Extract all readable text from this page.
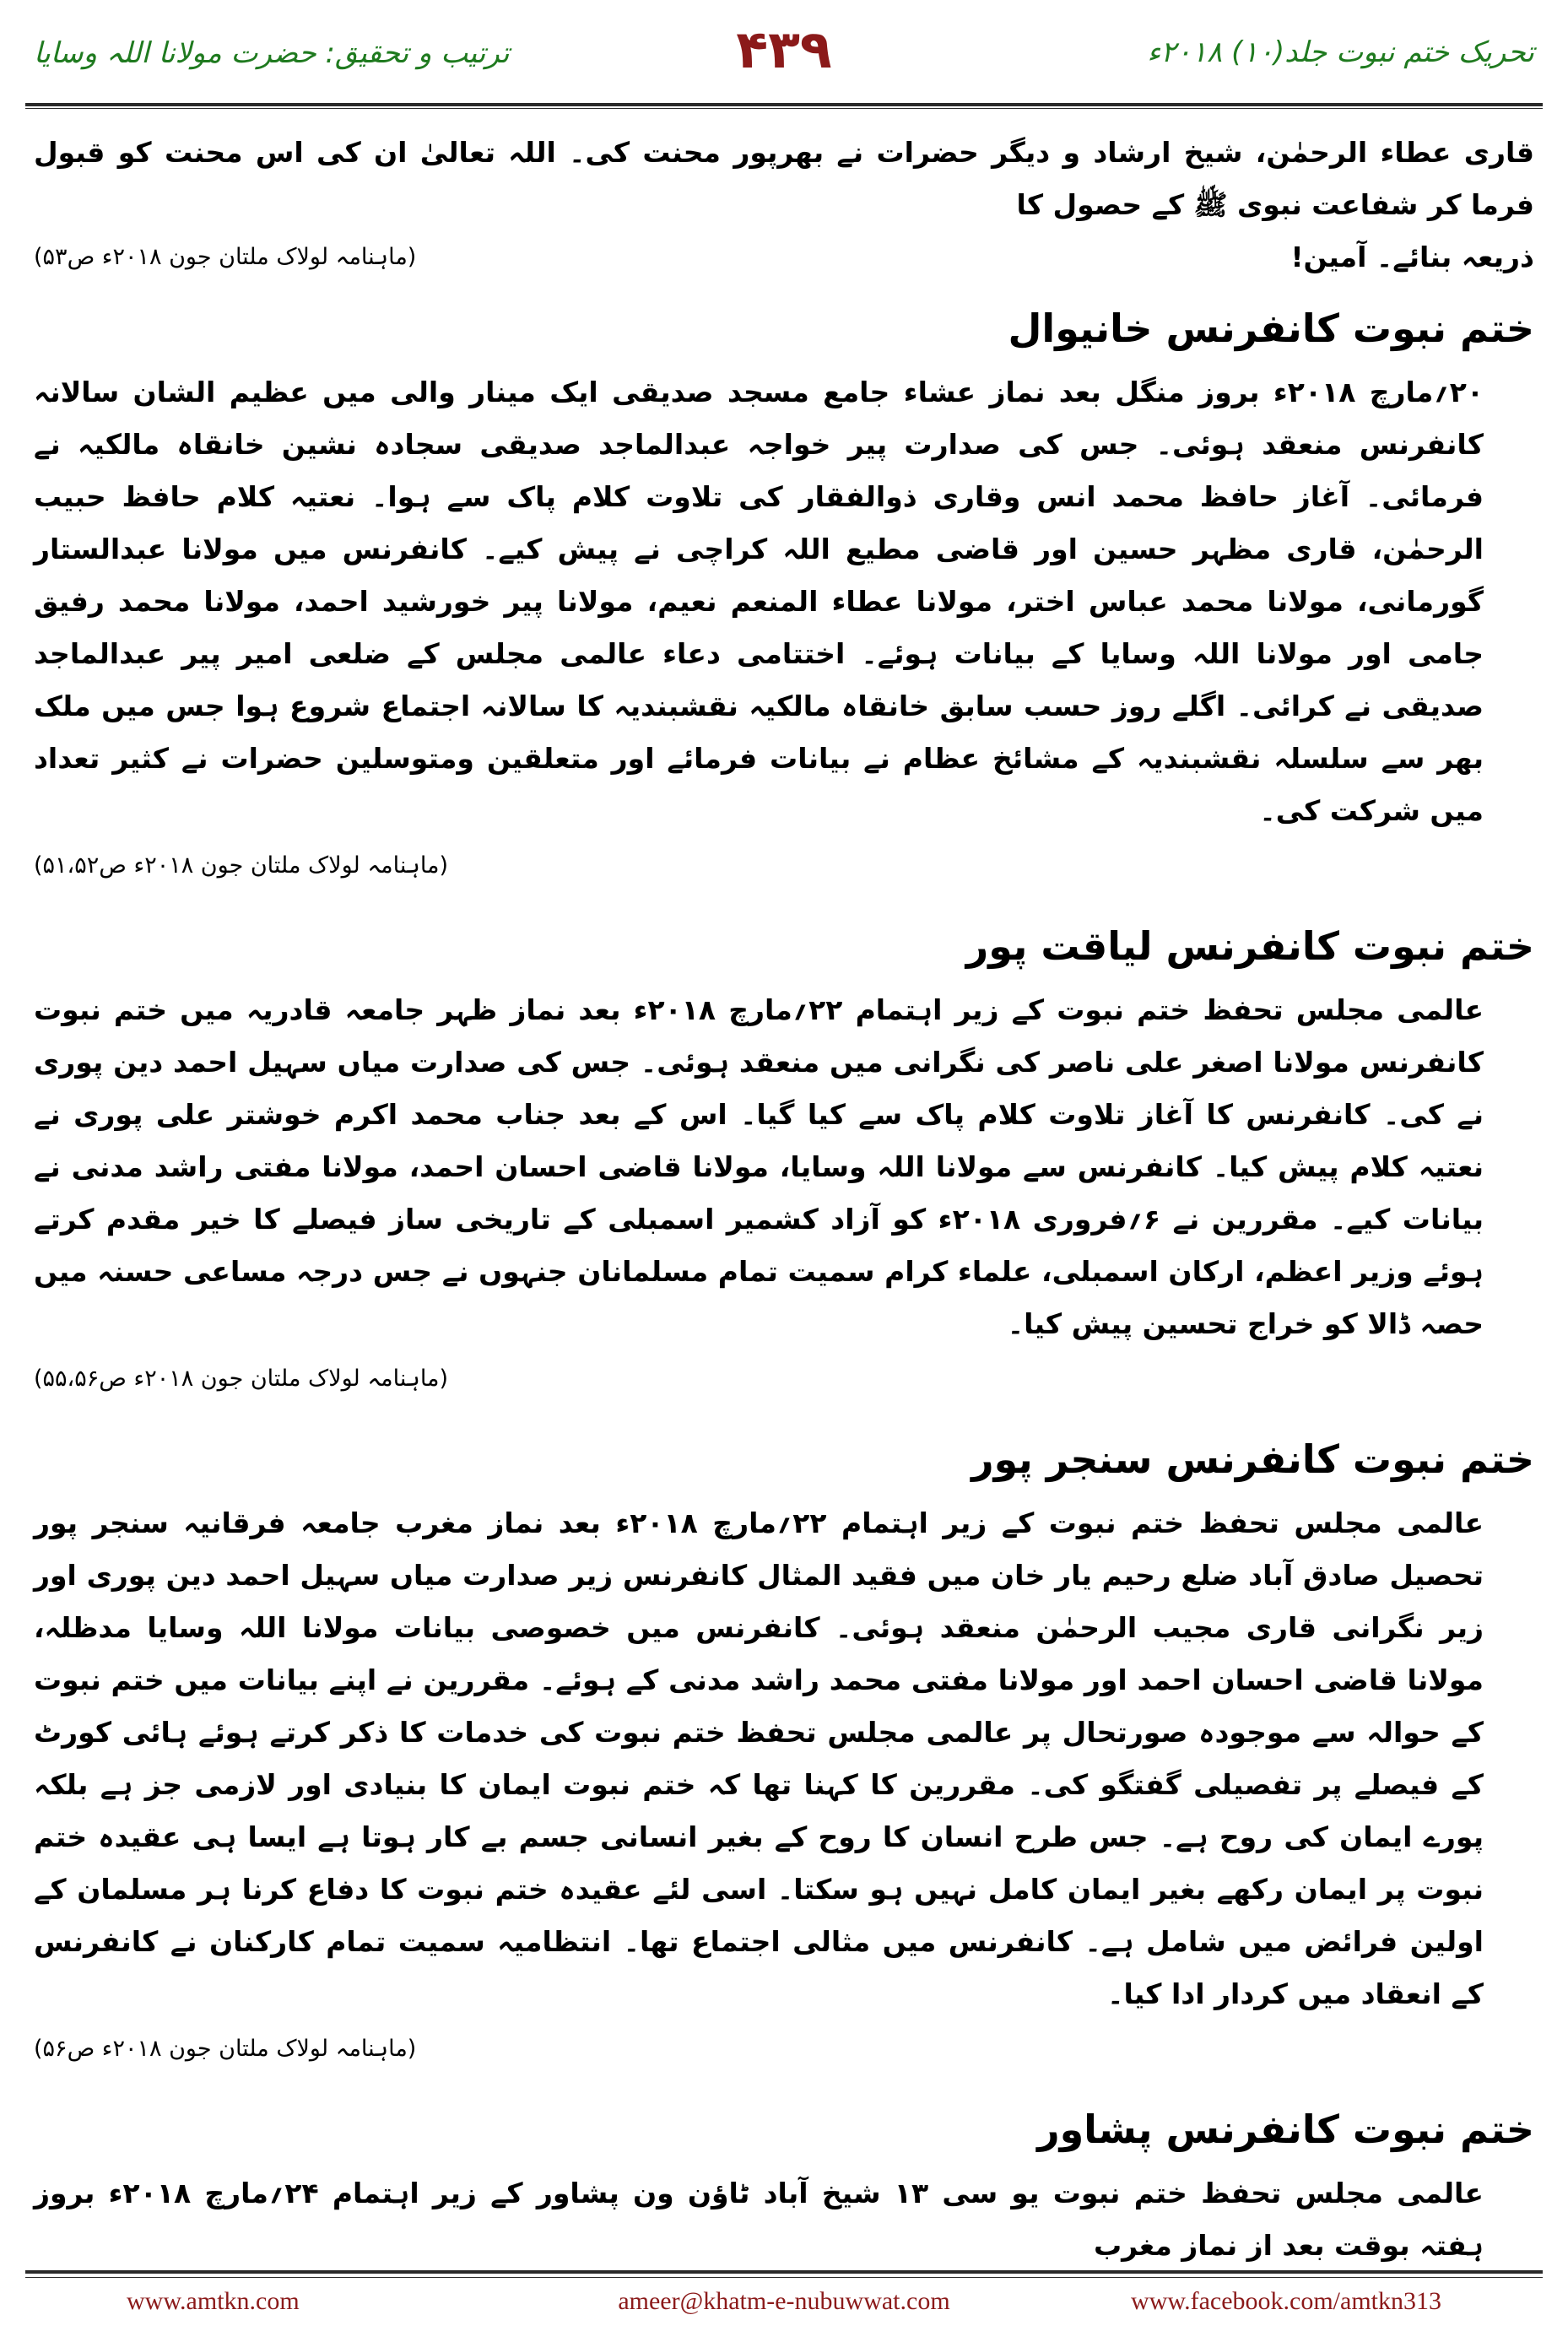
ترتیب و تحقیق: حضرت مولانا اللہ وسایا	۴۳۹	تحریک ختم نبوت جلد(۱۰) ۲۰۱۸ء

قاری عطاء الرحمٰن، شیخ ارشاد و دیگر حضرات نے بھرپور محنت کی۔ اللہ تعالیٰ ان کی اس محنت کو قبول فرما کر شفاعت نبوی ﷺ کے حصول کا

ذریعہ بنائے۔ آمین!
(ماہنامہ لولاک ملتان جون ۲۰۱۸ء ص۵۳)
ختم نبوت کانفرنس خانیوال

۲۰؍مارچ ۲۰۱۸ء بروز منگل بعد نماز عشاء جامع مسجد صدیقی ایک مینار والی میں عظیم الشان سالانہ کانفرنس منعقد ہوئی۔ جس کی صدارت پیر خواجہ عبدالماجد صدیقی سجادہ نشین خانقاہ مالکیہ نے فرمائی۔ آغاز حافظ محمد انس وقاری ذوالفقار کی تلاوت کلام پاک سے ہوا۔ نعتیہ کلام حافظ حبیب الرحمٰن، قاری مظہر حسین اور قاضی مطیع اللہ کراچی نے پیش کیے۔ کانفرنس میں مولانا عبدالستار گورمانی، مولانا محمد عباس اختر، مولانا عطاء المنعم نعیم، مولانا پیر خورشید احمد، مولانا محمد رفیق جامی اور مولانا اللہ وسایا کے بیانات ہوئے۔ اختتامی دعاء عالمی مجلس کے ضلعی امیر پیر عبدالماجد صدیقی نے کرائی۔ اگلے روز حسب سابق خانقاہ مالکیہ نقشبندیہ کا سالانہ اجتماع شروع ہوا جس میں ملک بھر سے سلسلہ نقشبندیہ کے مشائخ عظام نے بیانات فرمائے اور متعلقین ومتوسلین حضرات نے کثیر تعداد میں شرکت کی۔

(ماہنامہ لولاک ملتان جون ۲۰۱۸ء ص۵۱،۵۲)
ختم نبوت کانفرنس لیاقت پور

عالمی مجلس تحفظ ختم نبوت کے زیر اہتمام ۲۲؍مارچ ۲۰۱۸ء بعد نماز ظہر جامعہ قادریہ میں ختم نبوت کانفرنس مولانا اصغر علی ناصر کی نگرانی میں منعقد ہوئی۔ جس کی صدارت میاں سہیل احمد دین پوری نے کی۔ کانفرنس کا آغاز تلاوت کلام پاک سے کیا گیا۔ اس کے بعد جناب محمد اکرم خوشتر علی پوری نے نعتیہ کلام پیش کیا۔ کانفرنس سے مولانا اللہ وسایا، مولانا قاضی احسان احمد، مولانا مفتی راشد مدنی نے بیانات کیے۔ مقررین نے ۶؍فروری ۲۰۱۸ء کو آزاد کشمیر اسمبلی کے تاریخی ساز فیصلے کا خیر مقدم کرتے ہوئے وزیر اعظم، ارکان اسمبلی، علماء کرام سمیت تمام مسلمانان جنہوں نے جس درجہ مساعی حسنہ میں حصہ ڈالا کو خراج تحسین پیش کیا۔

(ماہنامہ لولاک ملتان جون ۲۰۱۸ء ص۵۵،۵۶)
ختم نبوت کانفرنس سنجر پور

عالمی مجلس تحفظ ختم نبوت کے زیر اہتمام ۲۲؍مارچ ۲۰۱۸ء بعد نماز مغرب جامعہ فرقانیہ سنجر پور تحصیل صادق آباد ضلع رحیم یار خان میں فقید المثال کانفرنس زیر صدارت میاں سہیل احمد دین پوری اور زیر نگرانی قاری مجیب الرحمٰن منعقد ہوئی۔ کانفرنس میں خصوصی بیانات مولانا اللہ وسایا مدظلہ، مولانا قاضی احسان احمد اور مولانا مفتی محمد راشد مدنی کے ہوئے۔ مقررین نے اپنے بیانات میں ختم نبوت کے حوالہ سے موجودہ صورتحال پر عالمی مجلس تحفظ ختم نبوت کی خدمات کا ذکر کرتے ہوئے ہائی کورٹ کے فیصلے پر تفصیلی گفتگو کی۔ مقررین کا کہنا تھا کہ ختم نبوت ایمان کا بنیادی اور لازمی جز ہے بلکہ پورے ایمان کی روح ہے۔ جس طرح انسان کا روح کے بغیر انسانی جسم بے کار ہوتا ہے ایسا ہی عقیدہ ختم نبوت پر ایمان رکھے بغیر ایمان کامل نہیں ہو سکتا۔ اسی لئے عقیدہ ختم نبوت کا دفاع کرنا ہر مسلمان کے اولین فرائض میں شامل ہے۔ کانفرنس میں مثالی اجتماع تھا۔ انتظامیہ سمیت تمام کارکنان نے کانفرنس کے انعقاد میں کردار ادا کیا۔

(ماہنامہ لولاک ملتان جون ۲۰۱۸ء ص۵۶)
ختم نبوت کانفرنس پشاور

عالمی مجلس تحفظ ختم نبوت یو سی ۱۳ شیخ آباد ٹاؤن ون پشاور کے زیر اہتمام ۲۴؍مارچ ۲۰۱۸ء بروز ہفتہ بوقت بعد از نماز مغرب

www.amtkn.com	ameer@khatm-e-nubuwwat.com	www.facebook.com/amtkn313
